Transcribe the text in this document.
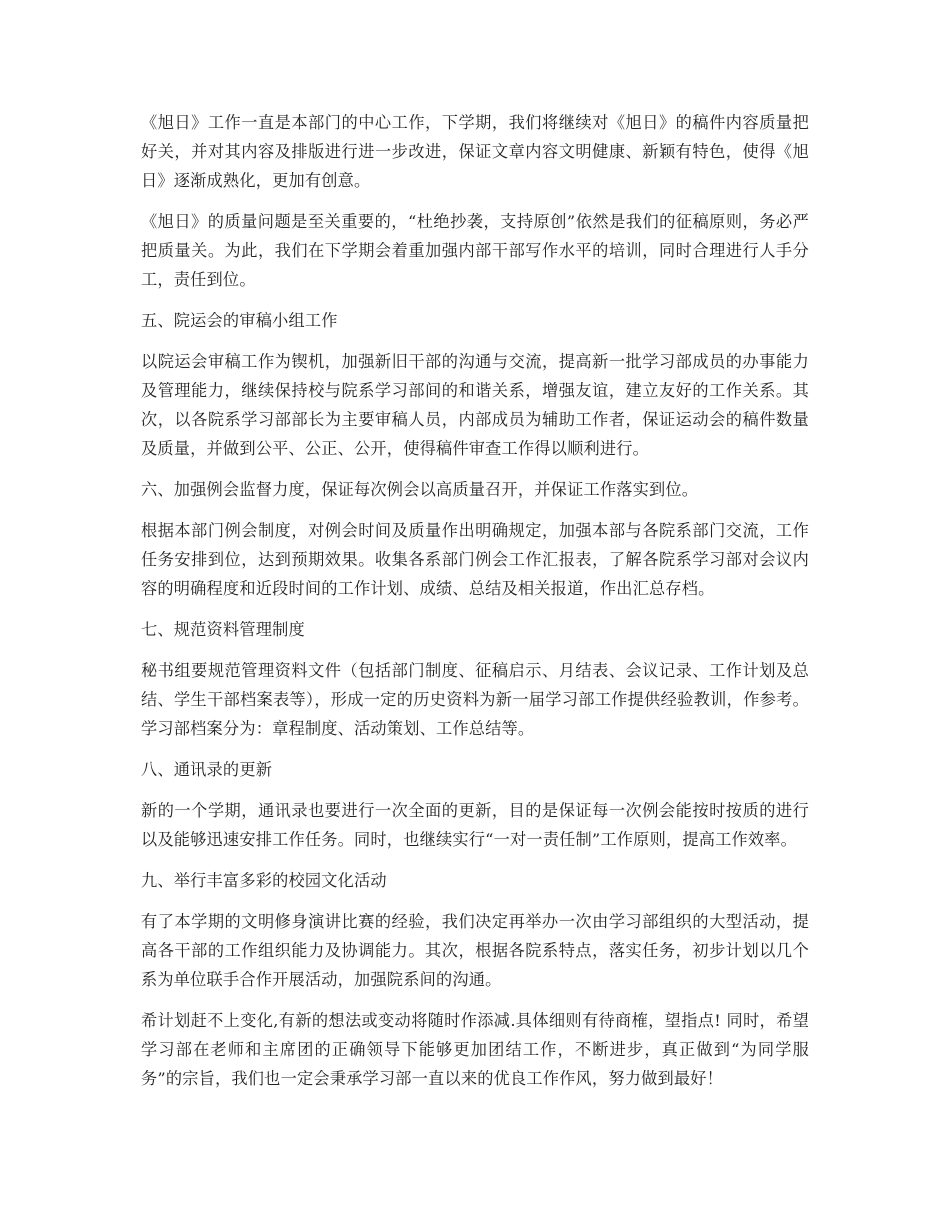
《旭日》工作一直是本部门的中心工作，下学期，我们将继续对《旭日》的稿件内容质量把好关，并对其内容及排版进行进一步改进，保证文章内容文明健康、新颖有特色，使得《旭日》逐渐成熟化，更加有创意。

《旭日》的质量问题是至关重要的，“杜绝抄袭，支持原创”依然是我们的征稿原则，务必严把质量关。为此，我们在下学期会着重加强内部干部写作水平的培训，同时合理进行人手分工，责任到位。

五、院运会的审稿小组工作

以院运会审稿工作为锲机，加强新旧干部的沟通与交流，提高新一批学习部成员的办事能力及管理能力，继续保持校与院系学习部间的和谐关系，增强友谊，建立友好的工作关系。其次，以各院系学习部部长为主要审稿人员，内部成员为辅助工作者，保证运动会的稿件数量及质量，并做到公平、公正、公开，使得稿件审查工作得以顺利进行。

六、加强例会监督力度，保证每次例会以高质量召开，并保证工作落实到位。

根据本部门例会制度，对例会时间及质量作出明确规定，加强本部与各院系部门交流，工作任务安排到位，达到预期效果。收集各系部门例会工作汇报表，了解各院系学习部对会议内容的明确程度和近段时间的工作计划、成绩、总结及相关报道，作出汇总存档。

七、规范资料管理制度

秘书组要规范管理资料文件（包括部门制度、征稿启示、月结表、会议记录、工作计划及总结、学生干部档案表等），形成一定的历史资料为新一届学习部工作提供经验教训，作参考。学习部档案分为：章程制度、活动策划、工作总结等。

八、通讯录的更新

新的一个学期，通讯录也要进行一次全面的更新，目的是保证每一次例会能按时按质的进行以及能够迅速安排工作任务。同时，也继续实行“一对一责任制”工作原则，提高工作效率。

九、举行丰富多彩的校园文化活动

有了本学期的文明修身演讲比赛的经验，我们决定再举办一次由学习部组织的大型活动，提高各干部的工作组织能力及协调能力。其次，根据各院系特点，落实任务，初步计划以几个系为单位联手合作开展活动，加强院系间的沟通。

希计划赶不上变化,有新的想法或变动将随时作添减.具体细则有待商榷，望指点! 同时，希望学习部在老师和主席团的正确领导下能够更加团结工作，不断进步，真正做到“为同学服务”的宗旨，我们也一定会秉承学习部一直以来的优良工作作风，努力做到最好！
